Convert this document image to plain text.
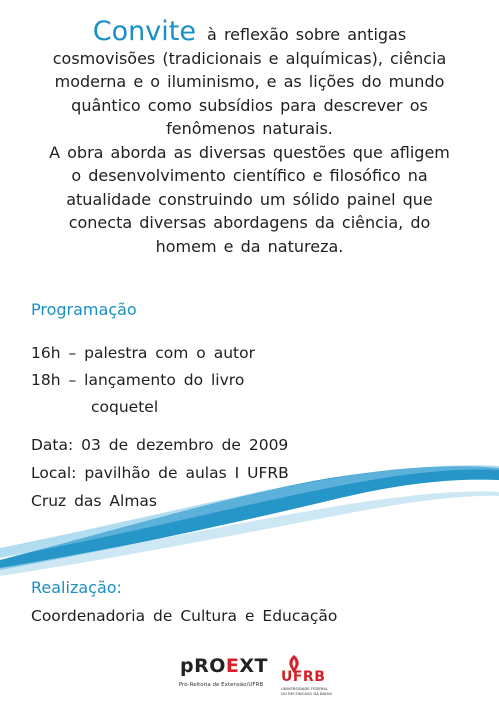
Convite à reflexão sobre antigas
cosmovisões (tradicionais e alquímicas), ciência
moderna e o iluminismo, e as lições do mundo
quântico como subsídios para descrever os
fenômenos naturais.

A obra aborda as diversas questões que afligem
o desenvolvimento científico e filosófico na
atualidade construindo um sólido painel que
conecta diversas abordagens da ciência, do
homem e da natureza.

Programação
16h – palestra com o autor
18h – lançamento do livro
coquetel
Data: 03 de dezembro de 2009
Local: pavilhão de aulas I UFRB
Cruz das Almas
Realização:
Coordenadoria de Cultura e Educação
pROEXT
Pró-Reitoria de Extensão/UFRB	UFRB
UNIVERSIDADE FEDERAL
DO RECÔNCAVO DA BAHIA
